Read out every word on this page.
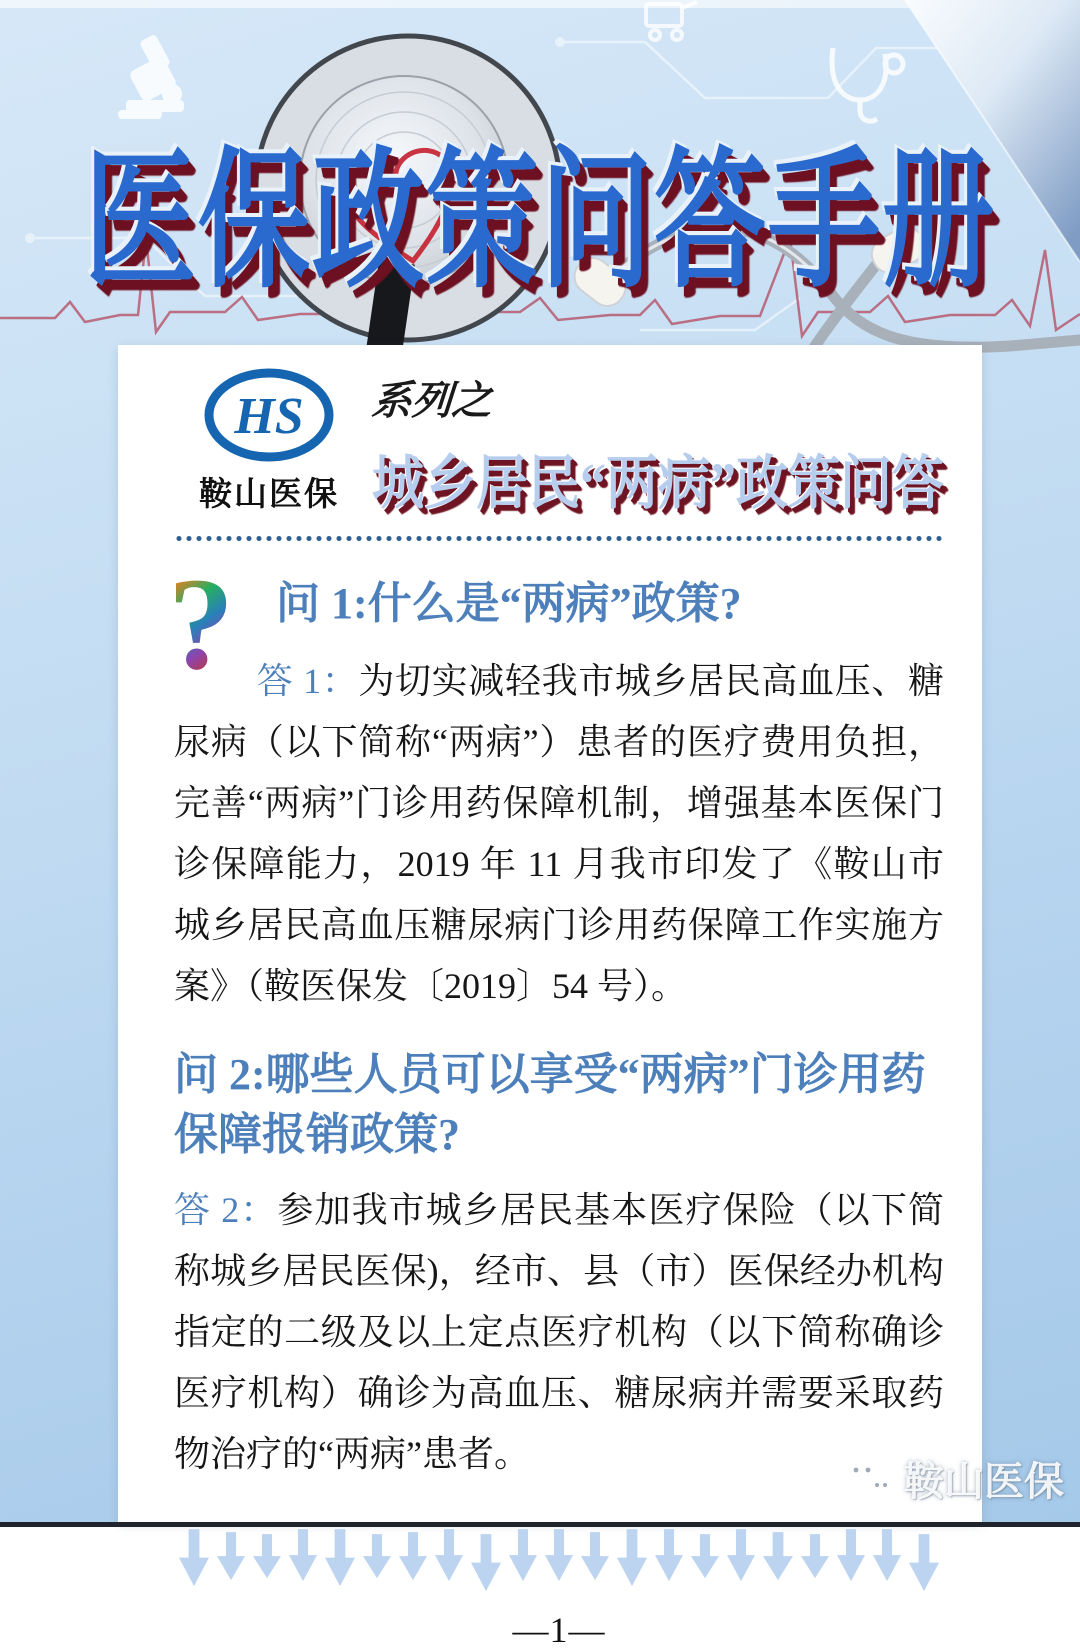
医保政策问答手册
HS
鞍山医保
系列之
城乡居民“两病”政策问答
? 问 1:什么是“两病”政策?

答 1：为切实减轻我市城乡居民高血压、糖尿病（以下简称“两病”）患者的医疗费用负担，完善“两病”门诊用药保障机制，增强基本医保门诊保障能力，2019 年 11 月我市印发了《鞍山市城乡居民高血压糖尿病门诊用药保障工作实施方案》（鞍医保发〔2019〕54 号）。

问 2:哪些人员可以享受“两病”门诊用药保障报销政策?

答 2：参加我市城乡居民基本医疗保险（以下简称城乡居民医保)，经市、县（市）医保经办机构指定的二级及以上定点医疗机构（以下简称确诊医疗机构）确诊为高血压、糖尿病并需要采取药物治疗的“两病”患者。

—1—
鞍山医保
